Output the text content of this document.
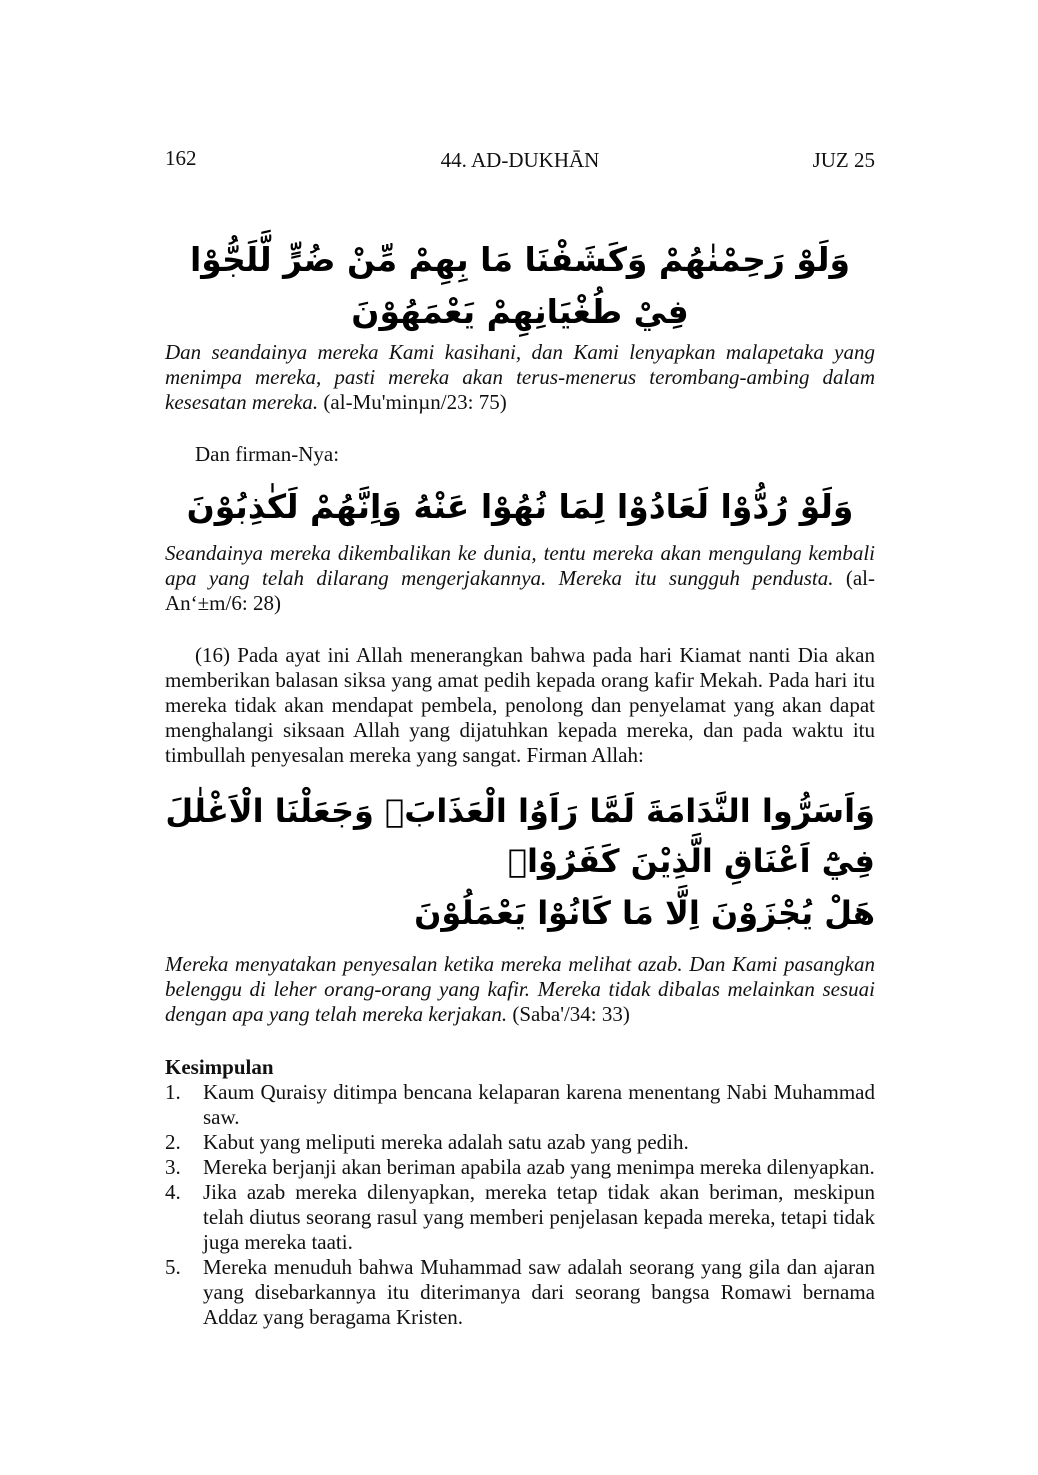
162	44. AD-DUKHĀN	JUZ 25
وَلَوْ رَحِمْنٰهُمْ وَكَشَفْنَا مَا بِهِمْ مِّنْ ضُرٍّ لَّلَجُّوْا فِيْ طُغْيَانِهِمْ يَعْمَهُوْنَ

Dan seandainya mereka Kami kasihani, dan Kami lenyapkan malapetaka yang menimpa mereka, pasti mereka akan terus-menerus terombang-ambing dalam kesesatan mereka. (al-Mu'minµn/23: 75)

Dan firman-Nya:

وَلَوْ رُدُّوْا لَعَادُوْا لِمَا نُهُوْا عَنْهُ وَاِنَّهُمْ لَكٰذِبُوْنَ

Seandainya mereka dikembalikan ke dunia, tentu mereka akan mengulang kembali apa yang telah dilarang mengerjakannya. Mereka itu sungguh pendusta. (al-An‘±m/6: 28)

(16) Pada ayat ini Allah menerangkan bahwa pada hari Kiamat nanti Dia akan memberikan balasan siksa yang amat pedih kepada orang kafir Mekah. Pada hari itu mereka tidak akan mendapat pembela, penolong dan penyelamat yang akan dapat menghalangi siksaan Allah yang dijatuhkan kepada mereka, dan pada waktu itu timbullah penyesalan mereka yang sangat. Firman Allah:

وَاَسَرُّوا النَّدَامَةَ لَمَّا رَاَوُا الْعَذَابَۗ وَجَعَلْنَا الْاَغْلٰلَ فِيْٓ اَعْنَاقِ الَّذِيْنَ كَفَرُوْاۗ
هَلْ يُجْزَوْنَ اِلَّا مَا كَانُوْا يَعْمَلُوْنَ

Mereka menyatakan penyesalan ketika mereka melihat azab. Dan Kami pasangkan belenggu di leher orang-orang yang kafir. Mereka tidak dibalas melainkan sesuai dengan apa yang telah mereka kerjakan. (Saba'/34: 33)

Kesimpulan

1. Kaum Quraisy ditimpa bencana kelaparan karena menentang Nabi Muhammad saw.
2. Kabut yang meliputi mereka adalah satu azab yang pedih.
3. Mereka berjanji akan beriman apabila azab yang menimpa mereka dilenyapkan.
4. Jika azab mereka dilenyapkan, mereka tetap tidak akan beriman, meskipun telah diutus seorang rasul yang memberi penjelasan kepada mereka, tetapi tidak juga mereka taati.
5. Mereka menuduh bahwa Muhammad saw adalah seorang yang gila dan ajaran yang disebarkannya itu diterimanya dari seorang bangsa Romawi bernama Addaz yang beragama Kristen.
